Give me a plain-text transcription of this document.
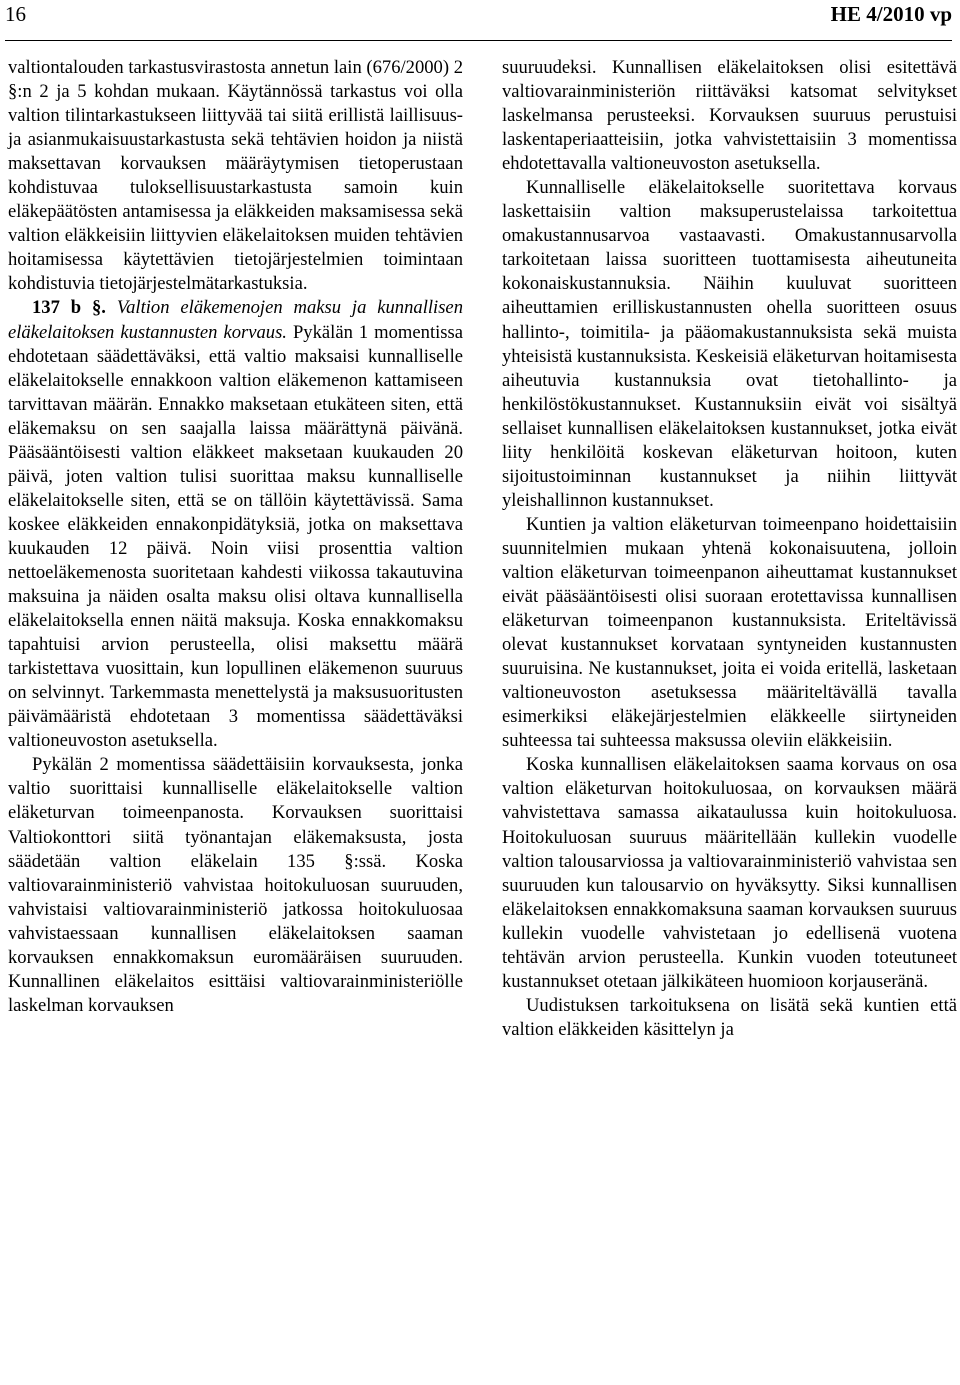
16	HE 4/2010 vp

valtiontalouden tarkastusvirastosta annetun lain (676/2000) 2 §:n 2 ja 5 kohdan mukaan. Käytännössä tarkastus voi olla valtion tilintarkastukseen liittyvää tai siitä erillistä laillisuus- ja asianmukaisuustarkastusta sekä tehtävien hoidon ja niistä maksettavan korvauksen määräytymisen tietoperustaan kohdistuvaa tuloksellisuustarkastusta samoin kuin eläkepäätösten antamisessa ja eläkkeiden maksamisessa sekä valtion eläkkeisiin liittyvien eläkelaitoksen muiden tehtävien hoitamisessa käytettävien tietojärjestelmien toimintaan kohdistuvia tietojärjestelmätarkastuksia.

137 b §. Valtion eläkemenojen maksu ja kunnallisen eläkelaitoksen kustannusten korvaus. Pykälän 1 momentissa ehdotetaan säädettäväksi, että valtio maksaisi kunnalliselle eläkelaitokselle ennakkoon valtion eläkemenon kattamiseen tarvittavan määrän. Ennakko maksetaan etukäteen siten, että eläkemaksu on sen saajalla laissa määrättynä päivänä. Pääsääntöisesti valtion eläkkeet maksetaan kuukauden 20 päivä, joten valtion tulisi suorittaa maksu kunnalliselle eläkelaitokselle siten, että se on tällöin käytettävissä. Sama koskee eläkkeiden ennakonpidätyksiä, jotka on maksettava kuukauden 12 päivä. Noin viisi prosenttia valtion nettoeläkemenosta suoritetaan kahdesti viikossa takautuvina maksuina ja näiden osalta maksu olisi oltava kunnallisella eläkelaitoksella ennen näitä maksuja. Koska ennakkomaksu tapahtuisi arvion perusteella, olisi maksettu määrä tarkistettava vuosittain, kun lopullinen eläkemenon suuruus on selvinnyt. Tarkemmasta menettelystä ja maksusuoritusten päivämääristä ehdotetaan 3 momentissa säädettäväksi valtioneuvoston asetuksella.

Pykälän 2 momentissa säädettäisiin korvauksesta, jonka valtio suorittaisi kunnalliselle eläkelaitokselle valtion eläketurvan toimeenpanosta. Korvauksen suorittaisi Valtiokonttori siitä työnantajan eläkemaksusta, josta säädetään valtion eläkelain 135 §:ssä. Koska valtiovarainministeriö vahvistaa hoitokuluosan suuruuden, vahvistaisi valtiovarainministeriö jatkossa hoitokuluosaa vahvistaessaan kunnallisen eläkelaitoksen saaman korvauksen ennakkomaksun euromääräisen suuruuden. Kunnallinen eläkelaitos esittäisi valtiovarainministeriölle laskelman korvauksen

suuruudeksi. Kunnallisen eläkelaitoksen olisi esitettävä valtiovarainministeriön riittäväksi katsomat selvitykset laskelmansa perusteeksi. Korvauksen suuruus perustuisi laskentaperiaatteisiin, jotka vahvistettaisiin 3 momentissa ehdotettavalla valtioneuvoston asetuksella.

Kunnalliselle eläkelaitokselle suoritettava korvaus laskettaisiin valtion maksuperustelaissa tarkoitettua omakustannusarvoa vastaavasti. Omakustannusarvolla tarkoitetaan laissa suoritteen tuottamisesta aiheutuneita kokonaiskustannuksia. Näihin kuuluvat suoritteen aiheuttamien erilliskustannusten ohella suoritteen osuus hallinto-, toimitila- ja pääomakustannuksista sekä muista yhteisistä kustannuksista. Keskeisiä eläketurvan hoitamisesta aiheutuvia kustannuksia ovat tietohallinto- ja henkilöstökustannukset. Kustannuksiin eivät voi sisältyä sellaiset kunnallisen eläkelaitoksen kustannukset, jotka eivät liity henkilöitä koskevan eläketurvan hoitoon, kuten sijoitustoiminnan kustannukset ja niihin liittyvät yleishallinnon kustannukset.

Kuntien ja valtion eläketurvan toimeenpano hoidettaisiin suunnitelmien mukaan yhtenä kokonaisuutena, jolloin valtion eläketurvan toimeenpanon aiheuttamat kustannukset eivät pääsääntöisesti olisi suoraan erotettavissa kunnallisen eläketurvan toimeenpanon kustannuksista. Eriteltävissä olevat kustannukset korvataan syntyneiden kustannusten suuruisina. Ne kustannukset, joita ei voida eritellä, lasketaan valtioneuvoston asetuksessa määriteltävällä tavalla esimerkiksi eläkejärjestelmien eläkkeelle siirtyneiden suhteessa tai suhteessa maksussa oleviin eläkkeisiin.

Koska kunnallisen eläkelaitoksen saama korvaus on osa valtion eläketurvan hoitokuluosaa, on korvauksen määrä vahvistettava samassa aikataulussa kuin hoitokuluosa. Hoitokuluosan suuruus määritellään kullekin vuodelle valtion talousarviossa ja valtiovarainministeriö vahvistaa sen suuruuden kun talousarvio on hyväksytty. Siksi kunnallisen eläkelaitoksen ennakkomaksuna saaman korvauksen suuruus kullekin vuodelle vahvistetaan jo edellisenä vuotena tehtävän arvion perusteella. Kunkin vuoden toteutuneet kustannukset otetaan jälkikäteen huomioon korjauseränä.

Uudistuksen tarkoituksena on lisätä sekä kuntien että valtion eläkkeiden käsittelyn ja
